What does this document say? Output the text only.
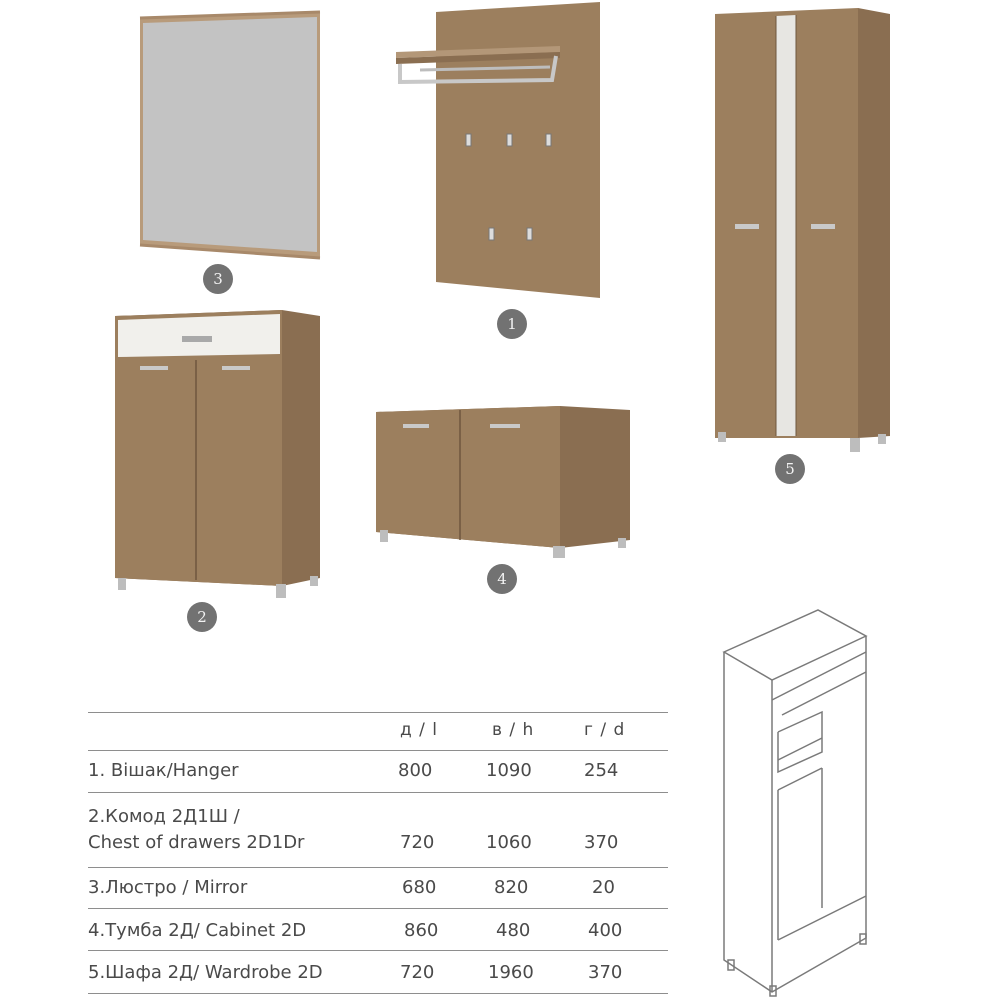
3
1
5
2
4
д / l	в / h	г / d
1. Вішак/Hanger	800	1090	254
2.Комод 2Д1Ш /
Chest of drawers 2D1Dr	720	1060	370
3.Люстро / Mirror	680	820	20
4.Тумба 2Д/ Cabinet 2D	860	480	400
5.Шафа 2Д/ Wardrobe 2D	720	1960	370
